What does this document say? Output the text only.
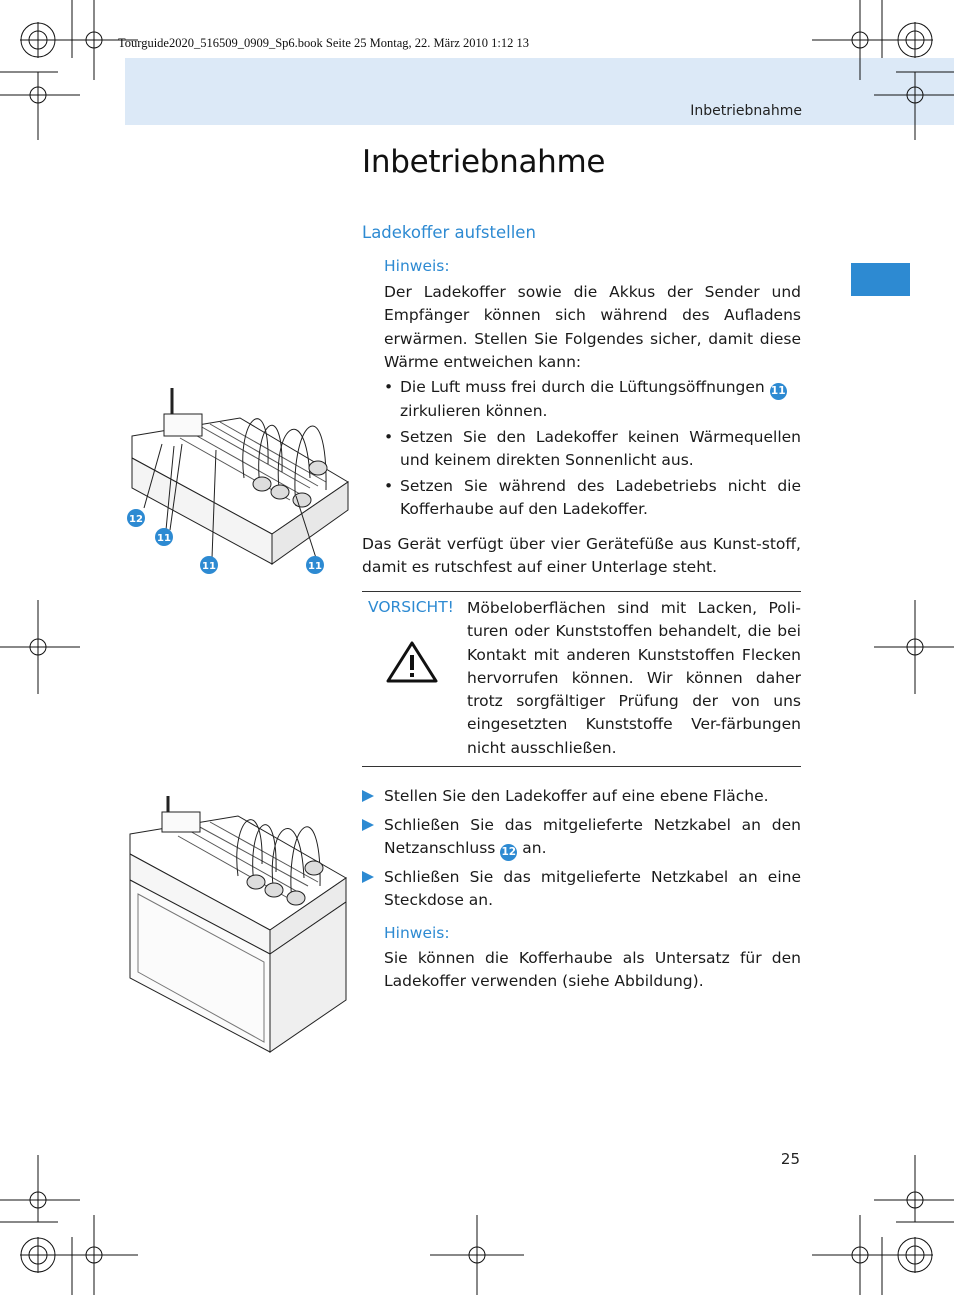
Tourguide2020_516509_0909_Sp6.book Seite 25 Montag, 22. März 2010 1:12 13
Inbetriebnahme
Inbetriebnahme
Ladekoffer aufstellen
Hinweis:
Der Ladekoffer sowie die Akkus der Sender und Empfänger können sich während des Aufladens erwärmen. Stellen Sie Folgendes sicher, damit diese Wärme entweichen kann:
• Die Luft muss frei durch die Lüftungsöffnungen 11
zirkulieren können.
• Setzen Sie den Ladekoffer keinen Wärmequellen und keinem direkten Sonnenlicht aus.
• Setzen Sie während des Ladebetriebs nicht die Kofferhaube auf den Ladekoffer.
Das Gerät verfügt über vier Gerätefüße aus Kunst-stoff, damit es rutschfest auf einer Unterlage steht.
VORSICHT! Möbeloberflächen sind mit Lacken, Poli-turen oder Kunststoffen behandelt, die bei Kontakt mit anderen Kunststoffen Flecken hervorrufen können. Wir können daher trotz sorgfältiger Prüfung der von uns eingesetzten Kunststoffe Ver-färbungen nicht ausschließen.
Stellen Sie den Ladekoffer auf eine ebene Fläche.
Schließen Sie das mitgelieferte Netzkabel an den Netzanschluss 12 an.
Schließen Sie das mitgelieferte Netzkabel an eine Steckdose an.
Hinweis:
Sie können die Kofferhaube als Untersatz für den Ladekoffer verwenden (siehe Abbildung).
12
11
11	11
25
